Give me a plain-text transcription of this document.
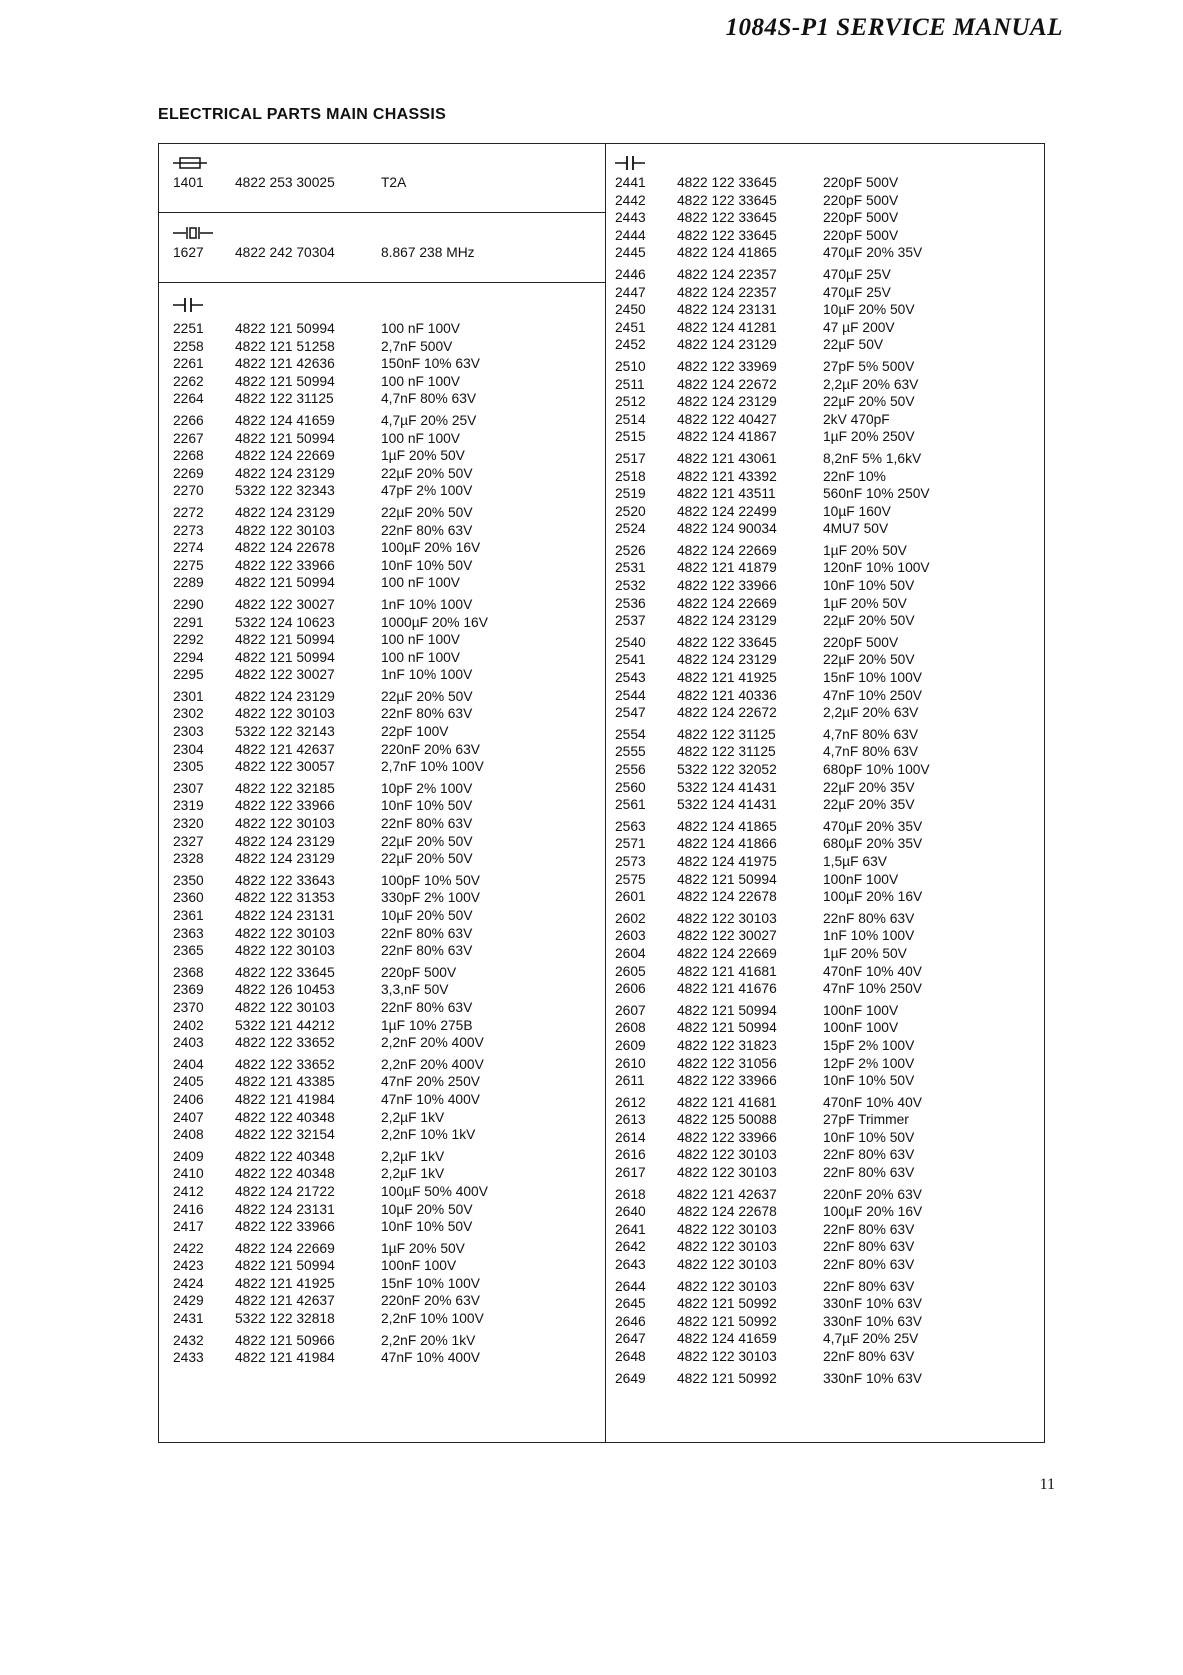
1084S-P1 SERVICE MANUAL
ELECTRICAL PARTS MAIN CHASSIS
1401	4822 253 30025	T2A
1627	4822 242 70304	8.867 238 MHz
2251	4822 121 50994	100 nF 100V
2258	4822 121 51258	2,7nF 500V
2261	4822 121 42636	150nF 10% 63V
2262	4822 121 50994	100 nF 100V
2264	4822 122 31125	4,7nF 80% 63V
2266	4822 124 41659	4,7µF 20% 25V
2267	4822 121 50994	100 nF 100V
2268	4822 124 22669	1µF 20% 50V
2269	4822 124 23129	22µF 20% 50V
2270	5322 122 32343	47pF 2% 100V
2272	4822 124 23129	22µF 20% 50V
2273	4822 122 30103	22nF 80% 63V
2274	4822 124 22678	100µF 20% 16V
2275	4822 122 33966	10nF 10% 50V
2289	4822 121 50994	100 nF 100V
2290	4822 122 30027	1nF 10% 100V
2291	5322 124 10623	1000µF 20% 16V
2292	4822 121 50994	100 nF 100V
2294	4822 121 50994	100 nF 100V
2295	4822 122 30027	1nF 10% 100V
2301	4822 124 23129	22µF 20% 50V
2302	4822 122 30103	22nF 80% 63V
2303	5322 122 32143	22pF 100V
2304	4822 121 42637	220nF 20% 63V
2305	4822 122 30057	2,7nF 10% 100V
2307	4822 122 32185	10pF 2% 100V
2319	4822 122 33966	10nF 10% 50V
2320	4822 122 30103	22nF 80% 63V
2327	4822 124 23129	22µF 20% 50V
2328	4822 124 23129	22µF 20% 50V
2350	4822 122 33643	100pF 10% 50V
2360	4822 122 31353	330pF 2% 100V
2361	4822 124 23131	10µF 20% 50V
2363	4822 122 30103	22nF 80% 63V
2365	4822 122 30103	22nF 80% 63V
2368	4822 122 33645	220pF 500V
2369	4822 126 10453	3,3,nF 50V
2370	4822 122 30103	22nF 80% 63V
2402	5322 121 44212	1µF 10% 275B
2403	4822 122 33652	2,2nF 20% 400V
2404	4822 122 33652	2,2nF 20% 400V
2405	4822 121 43385	47nF 20% 250V
2406	4822 121 41984	47nF 10% 400V
2407	4822 122 40348	2,2µF 1kV
2408	4822 122 32154	2,2nF 10% 1kV
2409	4822 122 40348	2,2µF 1kV
2410	4822 122 40348	2,2µF 1kV
2412	4822 124 21722	100µF 50% 400V
2416	4822 124 23131	10µF 20% 50V
2417	4822 122 33966	10nF 10% 50V
2422	4822 124 22669	1µF 20% 50V
2423	4822 121 50994	100nF 100V
2424	4822 121 41925	15nF 10% 100V
2429	4822 121 42637	220nF 20% 63V
2431	5322 122 32818	2,2nF 10% 100V
2432	4822 121 50966	2,2nF 20% 1kV
2433	4822 121 41984	47nF 10% 400V
2441	4822 122 33645	220pF 500V
2442	4822 122 33645	220pF 500V
2443	4822 122 33645	220pF 500V
2444	4822 122 33645	220pF 500V
2445	4822 124 41865	470µF 20% 35V
2446	4822 124 22357	470µF 25V
2447	4822 124 22357	470µF 25V
2450	4822 124 23131	10µF 20% 50V
2451	4822 124 41281	47 µF 200V
2452	4822 124 23129	22µF 50V
2510	4822 122 33969	27pF 5% 500V
2511	4822 124 22672	2,2µF 20% 63V
2512	4822 124 23129	22µF 20% 50V
2514	4822 122 40427	2kV 470pF
2515	4822 124 41867	1µF 20% 250V
2517	4822 121 43061	8,2nF 5% 1,6kV
2518	4822 121 43392	22nF 10%
2519	4822 121 43511	560nF 10% 250V
2520	4822 124 22499	10µF 160V
2524	4822 124 90034	4MU7 50V
2526	4822 124 22669	1µF 20% 50V
2531	4822 121 41879	120nF 10% 100V
2532	4822 122 33966	10nF 10% 50V
2536	4822 124 22669	1µF 20% 50V
2537	4822 124 23129	22µF 20% 50V
2540	4822 122 33645	220pF 500V
2541	4822 124 23129	22µF 20% 50V
2543	4822 121 41925	15nF 10% 100V
2544	4822 121 40336	47nF 10% 250V
2547	4822 124 22672	2,2µF 20% 63V
2554	4822 122 31125	4,7nF 80% 63V
2555	4822 122 31125	4,7nF 80% 63V
2556	5322 122 32052	680pF 10% 100V
2560	5322 124 41431	22µF 20% 35V
2561	5322 124 41431	22µF 20% 35V
2563	4822 124 41865	470µF 20% 35V
2571	4822 124 41866	680µF 20% 35V
2573	4822 124 41975	1,5µF 63V
2575	4822 121 50994	100nF 100V
2601	4822 124 22678	100µF 20% 16V
2602	4822 122 30103	22nF 80% 63V
2603	4822 122 30027	1nF 10% 100V
2604	4822 124 22669	1µF 20% 50V
2605	4822 121 41681	470nF 10% 40V
2606	4822 121 41676	47nF 10% 250V
2607	4822 121 50994	100nF 100V
2608	4822 121 50994	100nF 100V
2609	4822 122 31823	15pF 2% 100V
2610	4822 122 31056	12pF 2% 100V
2611	4822 122 33966	10nF 10% 50V
2612	4822 121 41681	470nF 10% 40V
2613	4822 125 50088	27pF Trimmer
2614	4822 122 33966	10nF 10% 50V
2616	4822 122 30103	22nF 80% 63V
2617	4822 122 30103	22nF 80% 63V
2618	4822 121 42637	220nF 20% 63V
2640	4822 124 22678	100µF 20% 16V
2641	4822 122 30103	22nF 80% 63V
2642	4822 122 30103	22nF 80% 63V
2643	4822 122 30103	22nF 80% 63V
2644	4822 122 30103	22nF 80% 63V
2645	4822 121 50992	330nF 10% 63V
2646	4822 121 50992	330nF 10% 63V
2647	4822 124 41659	4,7µF 20% 25V
2648	4822 122 30103	22nF 80% 63V
2649	4822 121 50992	330nF 10% 63V
11
